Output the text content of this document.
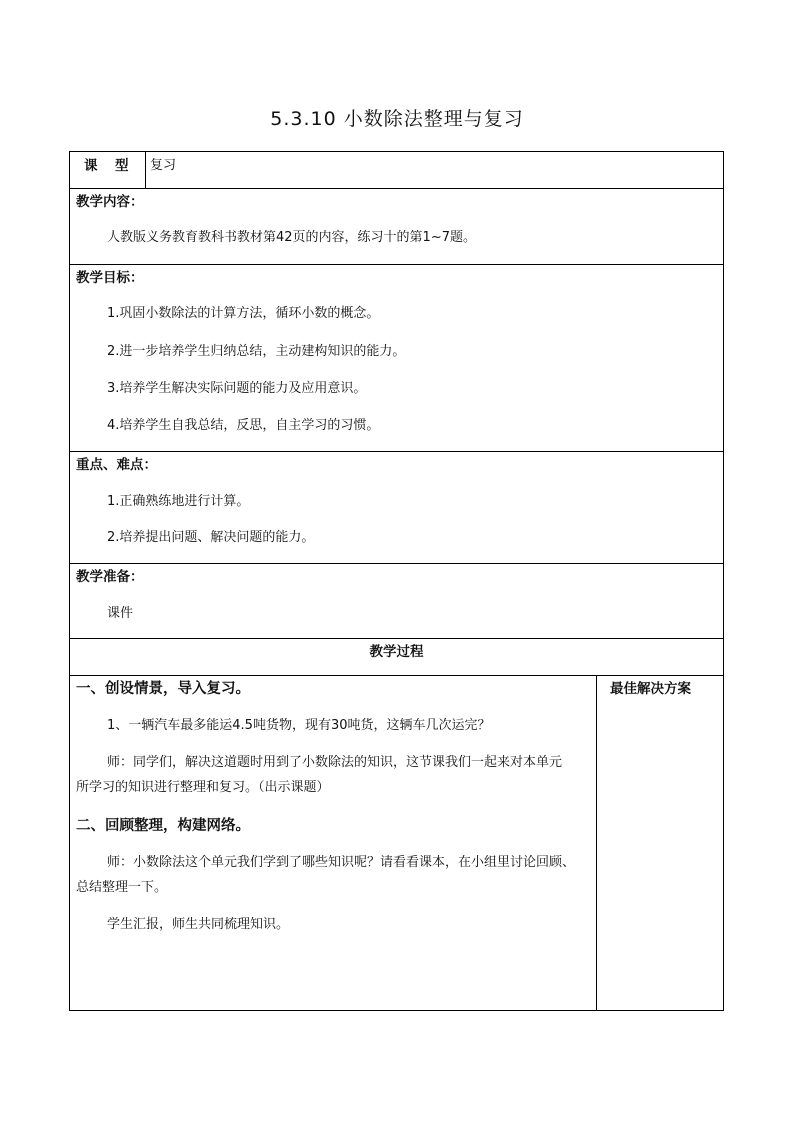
5.3.10 小数除法整理与复习
课　型 复习
教学内容：
人教版义务教育教科书教材第42页的内容，练习十的第1~7题。
教学目标：
1.巩固小数除法的计算方法，循环小数的概念。
2.进一步培养学生归纳总结，主动建构知识的能力。
3.培养学生解决实际问题的能力及应用意识。
4.培养学生自我总结，反思，自主学习的习惯。
重点、难点：
1.正确熟练地进行计算。
2.培养提出问题、解决问题的能力。
教学准备：
课件
教学过程
最佳解决方案
一、创设情景，导入复习。
1、一辆汽车最多能运4.5吨货物，现有30吨货，这辆车几次运完？
师：同学们，解决这道题时用到了小数除法的知识，这节课我们一起来对本单元
所学习的知识进行整理和复习。（出示课题）
二、回顾整理，构建网络。
师：小数除法这个单元我们学到了哪些知识呢？请看看课本，在小组里讨论回顾、
总结整理一下。
学生汇报，师生共同梳理知识。
